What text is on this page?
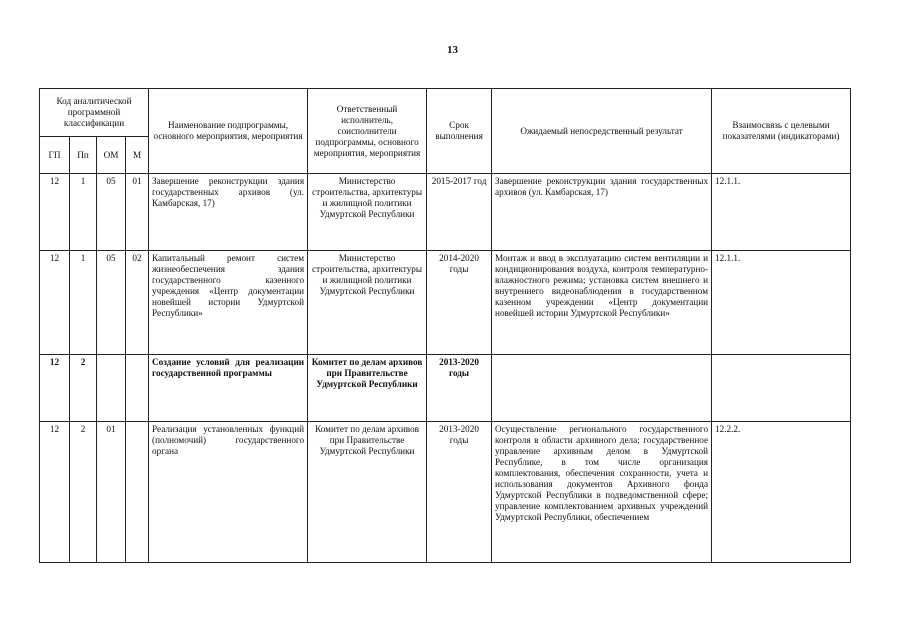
13
Код аналитической программной классификации				Наименование подпрограммы, основного мероприятия, мероприятия	Ответственный исполнитель, соисполнители подпрограммы, основного мероприятия, мероприятия	Срок выполнения	Ожидаемый непосредственный результат	Взаимосвязь с целевыми показателями (индикаторами)
ГП	Пп	ОМ	М					
12	1	05	01	Завершение реконструкции здания государственных архивов (ул. Камбарская, 17)	Министерство строительства, архитектуры и жилищной политики Удмуртской Республики	2015-2017 год	Завершение реконструкции здания государственных архивов (ул. Камбарская, 17)	12.1.1.
12	1	05	02	Капитальный ремонт систем жизнеобеспечения здания государственного казенного учреждения «Центр документации новейшей истории Удмуртской Республики»	Министерство строительства, архитектуры и жилищной политики Удмуртской Республики	2014-2020 годы	Монтаж и ввод в эксплуатацию систем вентиляции и кондиционирования воздуха, контроля температурно-влажностного режима; установка систем внешнего и внутреннего видеонаблюдения в государственном казенном учреждении «Центр документации новейшей истории Удмуртской Республики»	12.1.1.
12	2			Создание условий для реализации государственной программы	Комитет по делам архивов при Правительстве Удмуртской Республики	2013-2020 годы		
12	2	01		Реализация установленных функций (полномочий) государственного органа	Комитет по делам архивов при Правительстве Удмуртской Республики	2013-2020 годы	Осуществление регионального государственного контроля в области архивного дела; государственное управление архивным делом в Удмуртской Республике, в том числе организация комплектования, обеспечения сохранности, учета и использования документов Архивного фонда Удмуртской Республики в подведомственной сфере; управление комплектованием архивных учреждений Удмуртской Республики, обеспечением	12.2.2.
